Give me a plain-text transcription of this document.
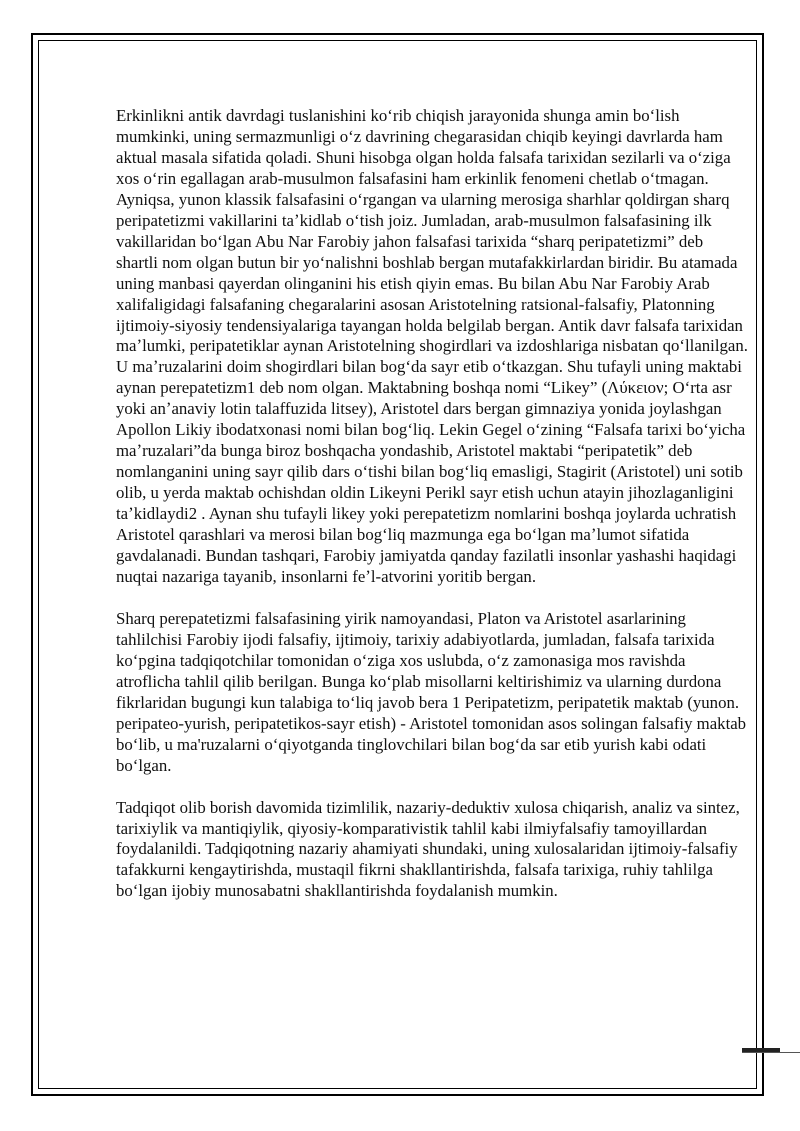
Erkinlikni antik davrdagi tuslanishini koʻrib chiqish jarayonida shunga amin boʻlish mumkinki, uning sermazmunligi oʻz davrining chegarasidan chiqib keyingi davrlarda ham aktual masala sifatida qoladi. Shuni hisobga olgan holda falsafa tarixidan sezilarli va oʻziga xos oʻrin egallagan arab-musulmon falsafasini ham erkinlik fenomeni chetlab oʻtmagan. Ayniqsa, yunon klassik falsafasini oʻrgangan va ularning merosiga sharhlar qoldirgan sharq peripatetizmi vakillarini taʼkidlab oʻtish joiz. Jumladan, arab-musulmon falsafasining ilk vakillaridan boʻlgan Abu Nar Farobiy jahon falsafasi tarixida “sharq peripatetizmi” deb shartli nom olgan butun bir yoʻnalishni boshlab bergan mutafakkirlardan biridir. Bu atamada uning manbasi qayerdan olinganini his etish qiyin emas. Bu bilan Abu Nar Farobiy Arab xalifaligidagi falsafaning chegaralarini asosan Aristotelning ratsional-falsafiy, Platonning ijtimoiy-siyosiy tendensiyalariga tayangan holda belgilab bergan. Antik davr falsafa tarixidan maʼlumki, peripatetiklar aynan Aristotelning shogirdlari va izdoshlariga nisbatan qoʻllanilgan. U maʼruzalarini doim shogirdlari bilan bogʻda sayr etib oʻtkazgan. Shu tufayli uning maktabi aynan perepatetizm1 deb nom olgan. Maktabning boshqa nomi “Likey” (Λύκειον; Oʻrta asr yoki anʼanaviy lotin talaffuzida litsey), Aristotel dars bergan gimnaziya yonida joylashgan Apollon Likiy ibodatxonasi nomi bilan bogʻliq. Lekin Gegel oʻzining “Falsafa tarixi boʻyicha maʼruzalari”da bunga biroz boshqacha yondashib, Aristotel maktabi “peripatetik” deb nomlanganini uning sayr qilib dars oʻtishi bilan bogʻliq emasligi, Stagirit (Aristotel) uni sotib olib, u yerda maktab ochishdan oldin Likeyni Perikl sayr etish uchun atayin jihozlaganligini taʼkidlaydi2 . Aynan shu tufayli likey yoki perepatetizm nomlarini boshqa joylarda uchratish Aristotel qarashlari va merosi bilan bogʻliq mazmunga ega boʻlgan maʼlumot sifatida gavdalanadi. Bundan tashqari, Farobiy jamiyatda qanday fazilatli insonlar yashashi haqidagi nuqtai nazariga tayanib, insonlarni feʼl-atvorini yoritib bergan.

Sharq perepatetizmi falsafasining yirik namoyandasi, Platon va Aristotel asarlarining tahlilchisi Farobiy ijodi falsafiy, ijtimoiy, tarixiy adabiyotlarda, jumladan, falsafa tarixida koʻpgina tadqiqotchilar tomonidan oʻziga xos uslubda, oʻz zamonasiga mos ravishda atroflicha tahlil qilib berilgan. Bunga koʻplab misollarni keltirishimiz va ularning durdona fikrlaridan bugungi kun talabiga toʻliq javob bera 1 Peripatetizm, peripatetik maktab (yunon. peripateo-yurish, peripatetikos-sayr etish) - Aristotel tomonidan asos solingan falsafiy maktab boʻlib, u ma'ruzalarni oʻqiyotganda tinglovchilari bilan bogʻda sar etib yurish kabi odati boʻlgan.

Tadqiqot olib borish davomida tizimlilik, nazariy-deduktiv xulosa chiqarish, analiz va sintez, tarixiylik va mantiqiylik, qiyosiy-komparativistik tahlil kabi ilmiyfalsafiy tamoyillardan foydalanildi. Tadqiqotning nazariy ahamiyati shundaki, uning xulosalaridan ijtimoiy-falsafiy tafakkurni kengaytirishda, mustaqil fikrni shakllantirishda, falsafa tarixiga, ruhiy tahlilga boʻlgan ijobiy munosabatni shakllantirishda foydalanish mumkin.
